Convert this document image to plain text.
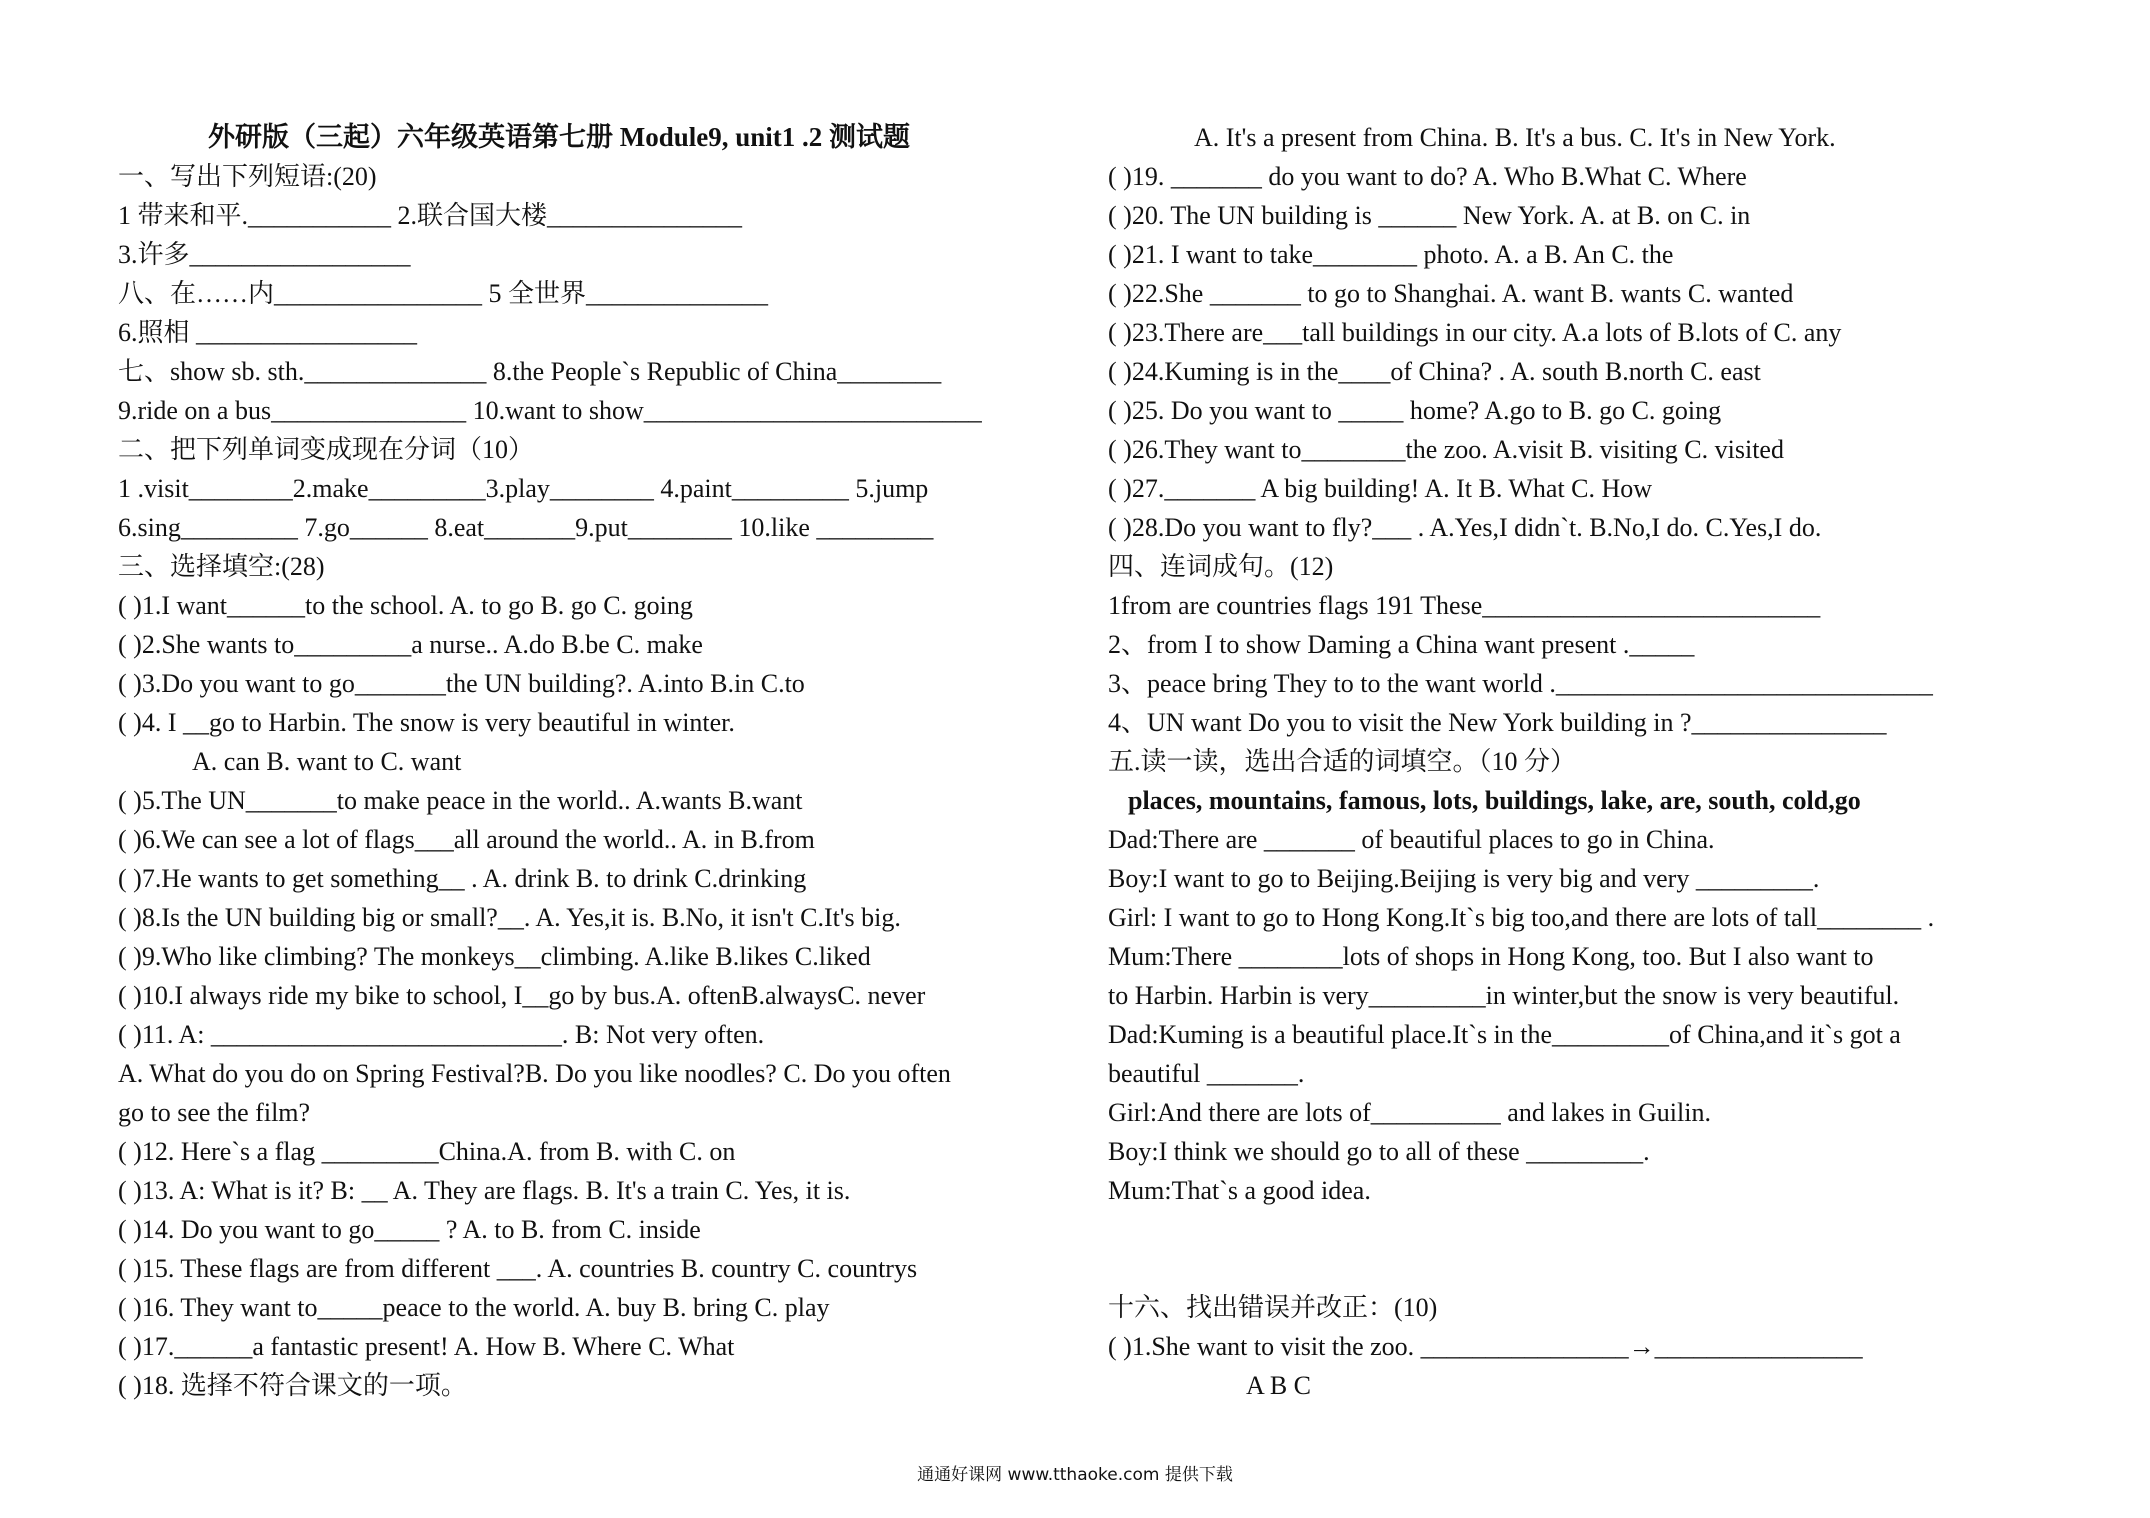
外研版（三起）六年级英语第七册 Module9, unit1 .2 测试题
一、写出下列短语:(20)
1 带来和平.___________ 2.联合国大楼_______________
3.许多_________________
八、在……内________________ 5 全世界______________
6.照相 _________________
七、show sb. sth.______________ 8.the People`s Republic of China________
9.ride on a bus_______________ 10.want to show__________________________
二、把下列单词变成现在分词（10）
1 .visit________2.make_________3.play________ 4.paint_________ 5.jump
6.sing_________ 7.go______ 8.eat_______9.put________ 10.like _________
三、选择填空:(28)
( )1.I want______to the school. A. to go B. go C. going
( )2.She wants to_________a nurse.. A.do B.be C. make
( )3.Do you want to go_______the UN building?. A.into B.in C.to
( )4. I __go to Harbin. The snow is very beautiful in winter.
A. can B. want to C. want
( )5.The UN_______to make peace in the world.. A.wants B.want
( )6.We can see a lot of flags___all around the world.. A. in B.from
( )7.He wants to get something__ . A. drink B. to drink C.drinking
( )8.Is the UN building big or small?__. A. Yes,it is. B.No, it isn't C.It's big.
( )9.Who like climbing? The monkeys__climbing. A.like B.likes C.liked
( )10.I always ride my bike to school, I__go by bus.A. oftenB.alwaysC. never
( )11. A: ___________________________. B: Not very often.
A. What do you do on Spring Festival?B. Do you like noodles? C. Do you often
go to see the film?
( )12. Here`s a flag _________China.A. from B. with C. on
( )13. A: What is it? B: __ A. They are flags. B. It's a train C. Yes, it is.
( )14. Do you want to go_____ ? A. to B. from C. inside
( )15. These flags are from different ___. A. countries B. country C. countrys
( )16. They want to_____peace to the world. A. buy B. bring C. play
( )17.______a fantastic present! A. How B. Where C. What
( )18. 选择不符合课文的一项。
A. It's a present from China. B. It's a bus. C. It's in New York.
( )19. _______ do you want to do? A. Who B.What C. Where
( )20. The UN building is ______ New York. A. at B. on C. in
( )21. I want to take________ photo. A. a B. An C. the
( )22.She _______ to go to Shanghai. A. want B. wants C. wanted
( )23.There are___tall buildings in our city. A.a lots of B.lots of C. any
( )24.Kuming is in the____of China? . A. south B.north C. east
( )25. Do you want to _____ home? A.go to B. go C. going
( )26.They want to________the zoo. A.visit B. visiting C. visited
( )27._______ A big building! A. It B. What C. How
( )28.Do you want to fly?___ . A.Yes,I didn`t. B.No,I do. C.Yes,I do.
四、连词成句。(12)
1from are countries flags 191 These__________________________
2、from I to show Daming a China want present ._____
3、peace bring They to to the want world ._____________________________
4、UN want Do you to visit the New York building in ?_______________
五.读一读，选出合适的词填空。（10 分）
places, mountains, famous, lots, buildings, lake, are, south, cold,go
Dad:There are _______ of beautiful places to go in China.
Boy:I want to go to Beijing.Beijing is very big and very _________.
Girl: I want to go to Hong Kong.It`s big too,and there are lots of tall________ .
Mum:There ________lots of shops in Hong Kong, too. But I also want to
to Harbin. Harbin is very_________in winter,but the snow is very beautiful.
Dad:Kuming is a beautiful place.It`s in the_________of China,and it`s got a
beautiful _______.
Girl:And there are lots of__________ and lakes in Guilin.
Boy:I think we should go to all of these _________.
Mum:That`s a good idea.
十六、找出错误并改正：(10)
( )1.She want to visit the zoo. ________________→________________
A B C
通通好课网 www.tthaoke.com 提供下载
